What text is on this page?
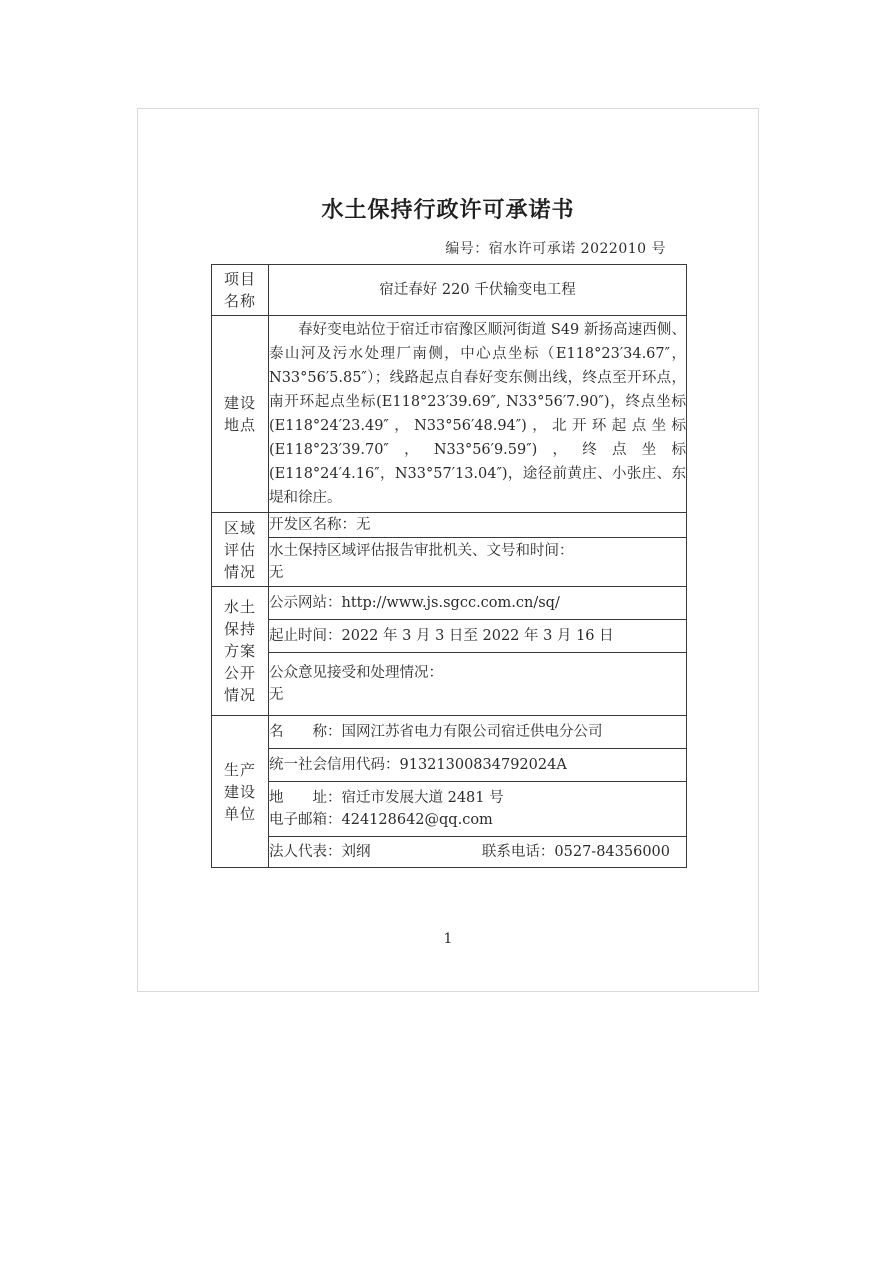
水土保持行政许可承诺书
编号：宿水许可承诺 2022010 号
项目
名称	宿迁春好 220 千伏输变电工程

建设
地点	春好变电站位于宿迁市宿豫区顺河街道 S49 新扬高速西侧、泰山河及污水处理厂南侧，中心点坐标（E118°23′34.67″，N33°56′5.85″）；线路起点自春好变东侧出线，终点至开环点，南开环起点坐标(E118°23′39.69″, N33°56′7.90″)，终点坐标(E118°24′23.49″，N33°56′48.94″)，北开环起点坐标(E118°23′39.70″，N33°56′9.59″)，终点坐标(E118°24′4.16″，N33°57′13.04″)，途径前黄庄、小张庄、东堤和徐庄。

区域
评估
情况	开发区名称：无

	水土保持区域评估报告审批机关、文号和时间：
无

水土
保持
方案
公开
情况	公示网站：http://www.js.sgcc.com.cn/sq/
	起止时间：2022 年 3 月 3 日至 2022 年 3 月 16 日

	公众意见接受和处理情况：
无

生产
建设
单位	名　　称：国网江苏省电力有限公司宿迁供电分公司
	统一社会信用代码：91321300834792024A

	地　　址：宿迁市发展大道 2481 号
电子邮箱：424128642@qq.com

	法人代表：刘纲 联系电话：0527-84356000
1
